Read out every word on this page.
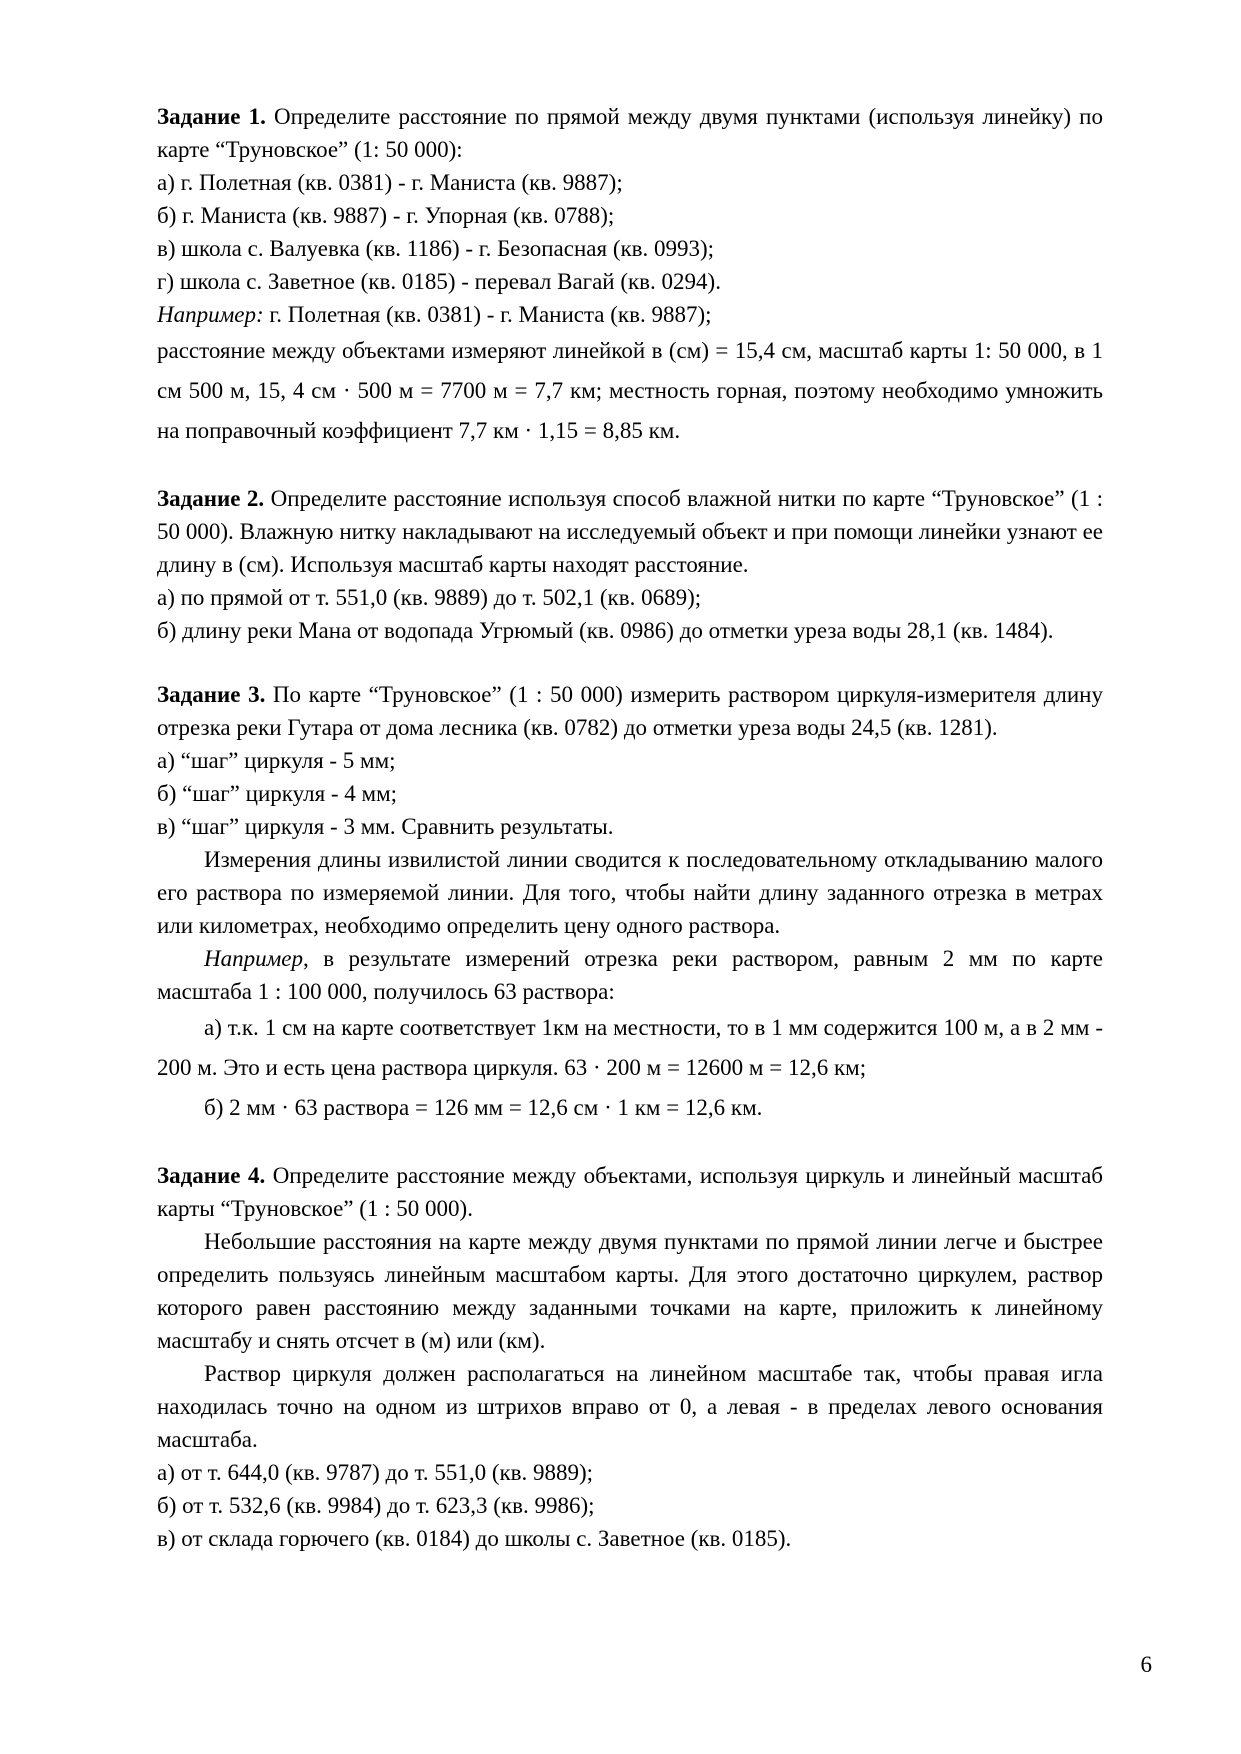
Задание 1. Определите расстояние по прямой между двумя пунктами (используя линейку) по карте “Труновское” (1: 50 000):

а) г. Полетная (кв. 0381) - г. Маниста (кв. 9887);
б) г. Маниста (кв. 9887) - г. Упорная (кв. 0788);
в) школа с. Валуевка (кв. 1186) - г. Безопасная (кв. 0993);
г) школа с. Заветное (кв. 0185) - перевал Вагай (кв. 0294).
Например: г. Полетная (кв. 0381) - г. Маниста (кв. 9887);

расстояние между объектами измеряют линейкой в (см) = 15,4 см, масштаб карты 1: 50 000, в 1 см 500 м, 15, 4 см · 500 м = 7700 м = 7,7 км; местность горная, поэтому необходимо умножить на поправочный коэффициент 7,7 км · 1,15 = 8,85 км.

Задание 2. Определите расстояние используя способ влажной нитки по карте “Труновское” (1 : 50 000). Влажную нитку накладывают на исследуемый объект и при помощи линейки узнают ее длину в (см). Используя масштаб карты находят расстояние.

а) по прямой от т. 551,0 (кв. 9889) до т. 502,1 (кв. 0689);

б) длину реки Мана от водопада Угрюмый (кв. 0986) до отметки уреза воды 28,1 (кв. 1484).

Задание 3. По карте “Труновское” (1 : 50 000) измерить раствором циркуля-измерителя длину отрезка реки Гутара от дома лесника (кв. 0782) до отметки уреза воды 24,5 (кв. 1281).

а) “шаг” циркуля - 5 мм;
б) “шаг” циркуля - 4 мм;
в) “шаг” циркуля - 3 мм. Сравнить результаты.

Измерения длины извилистой линии сводится к последовательному откладыванию малого его раствора по измеряемой линии. Для того, чтобы найти длину заданного отрезка в метрах или километрах, необходимо определить цену одного раствора.

Например, в результате измерений отрезка реки раствором, равным 2 мм по карте масштаба 1 : 100 000, получилось 63 раствора:

а) т.к. 1 см на карте соответствует 1км на местности, то в 1 мм содержится 100 м, а в 2 мм - 200 м. Это и есть цена раствора циркуля. 63 · 200 м = 12600 м = 12,6 км;

б) 2 мм · 63 раствора = 126 мм = 12,6 см · 1 км = 12,6 км.

Задание 4. Определите расстояние между объектами, используя циркуль и линейный масштаб карты “Труновское” (1 : 50 000).

Небольшие расстояния на карте между двумя пунктами по прямой линии легче и быстрее определить пользуясь линейным масштабом карты. Для этого достаточно циркулем, раствор которого равен расстоянию между заданными точками на карте, приложить к линейному масштабу и снять отсчет в (м) или (км).

Раствор циркуля должен располагаться на линейном масштабе так, чтобы правая игла находилась точно на одном из штрихов вправо от 0, а левая - в пределах левого основания масштаба.

а) от т. 644,0 (кв. 9787) до т. 551,0 (кв. 9889);
б) от т. 532,6 (кв. 9984) до т. 623,3 (кв. 9986);
в) от склада горючего (кв. 0184) до школы с. Заветное (кв. 0185).
6
